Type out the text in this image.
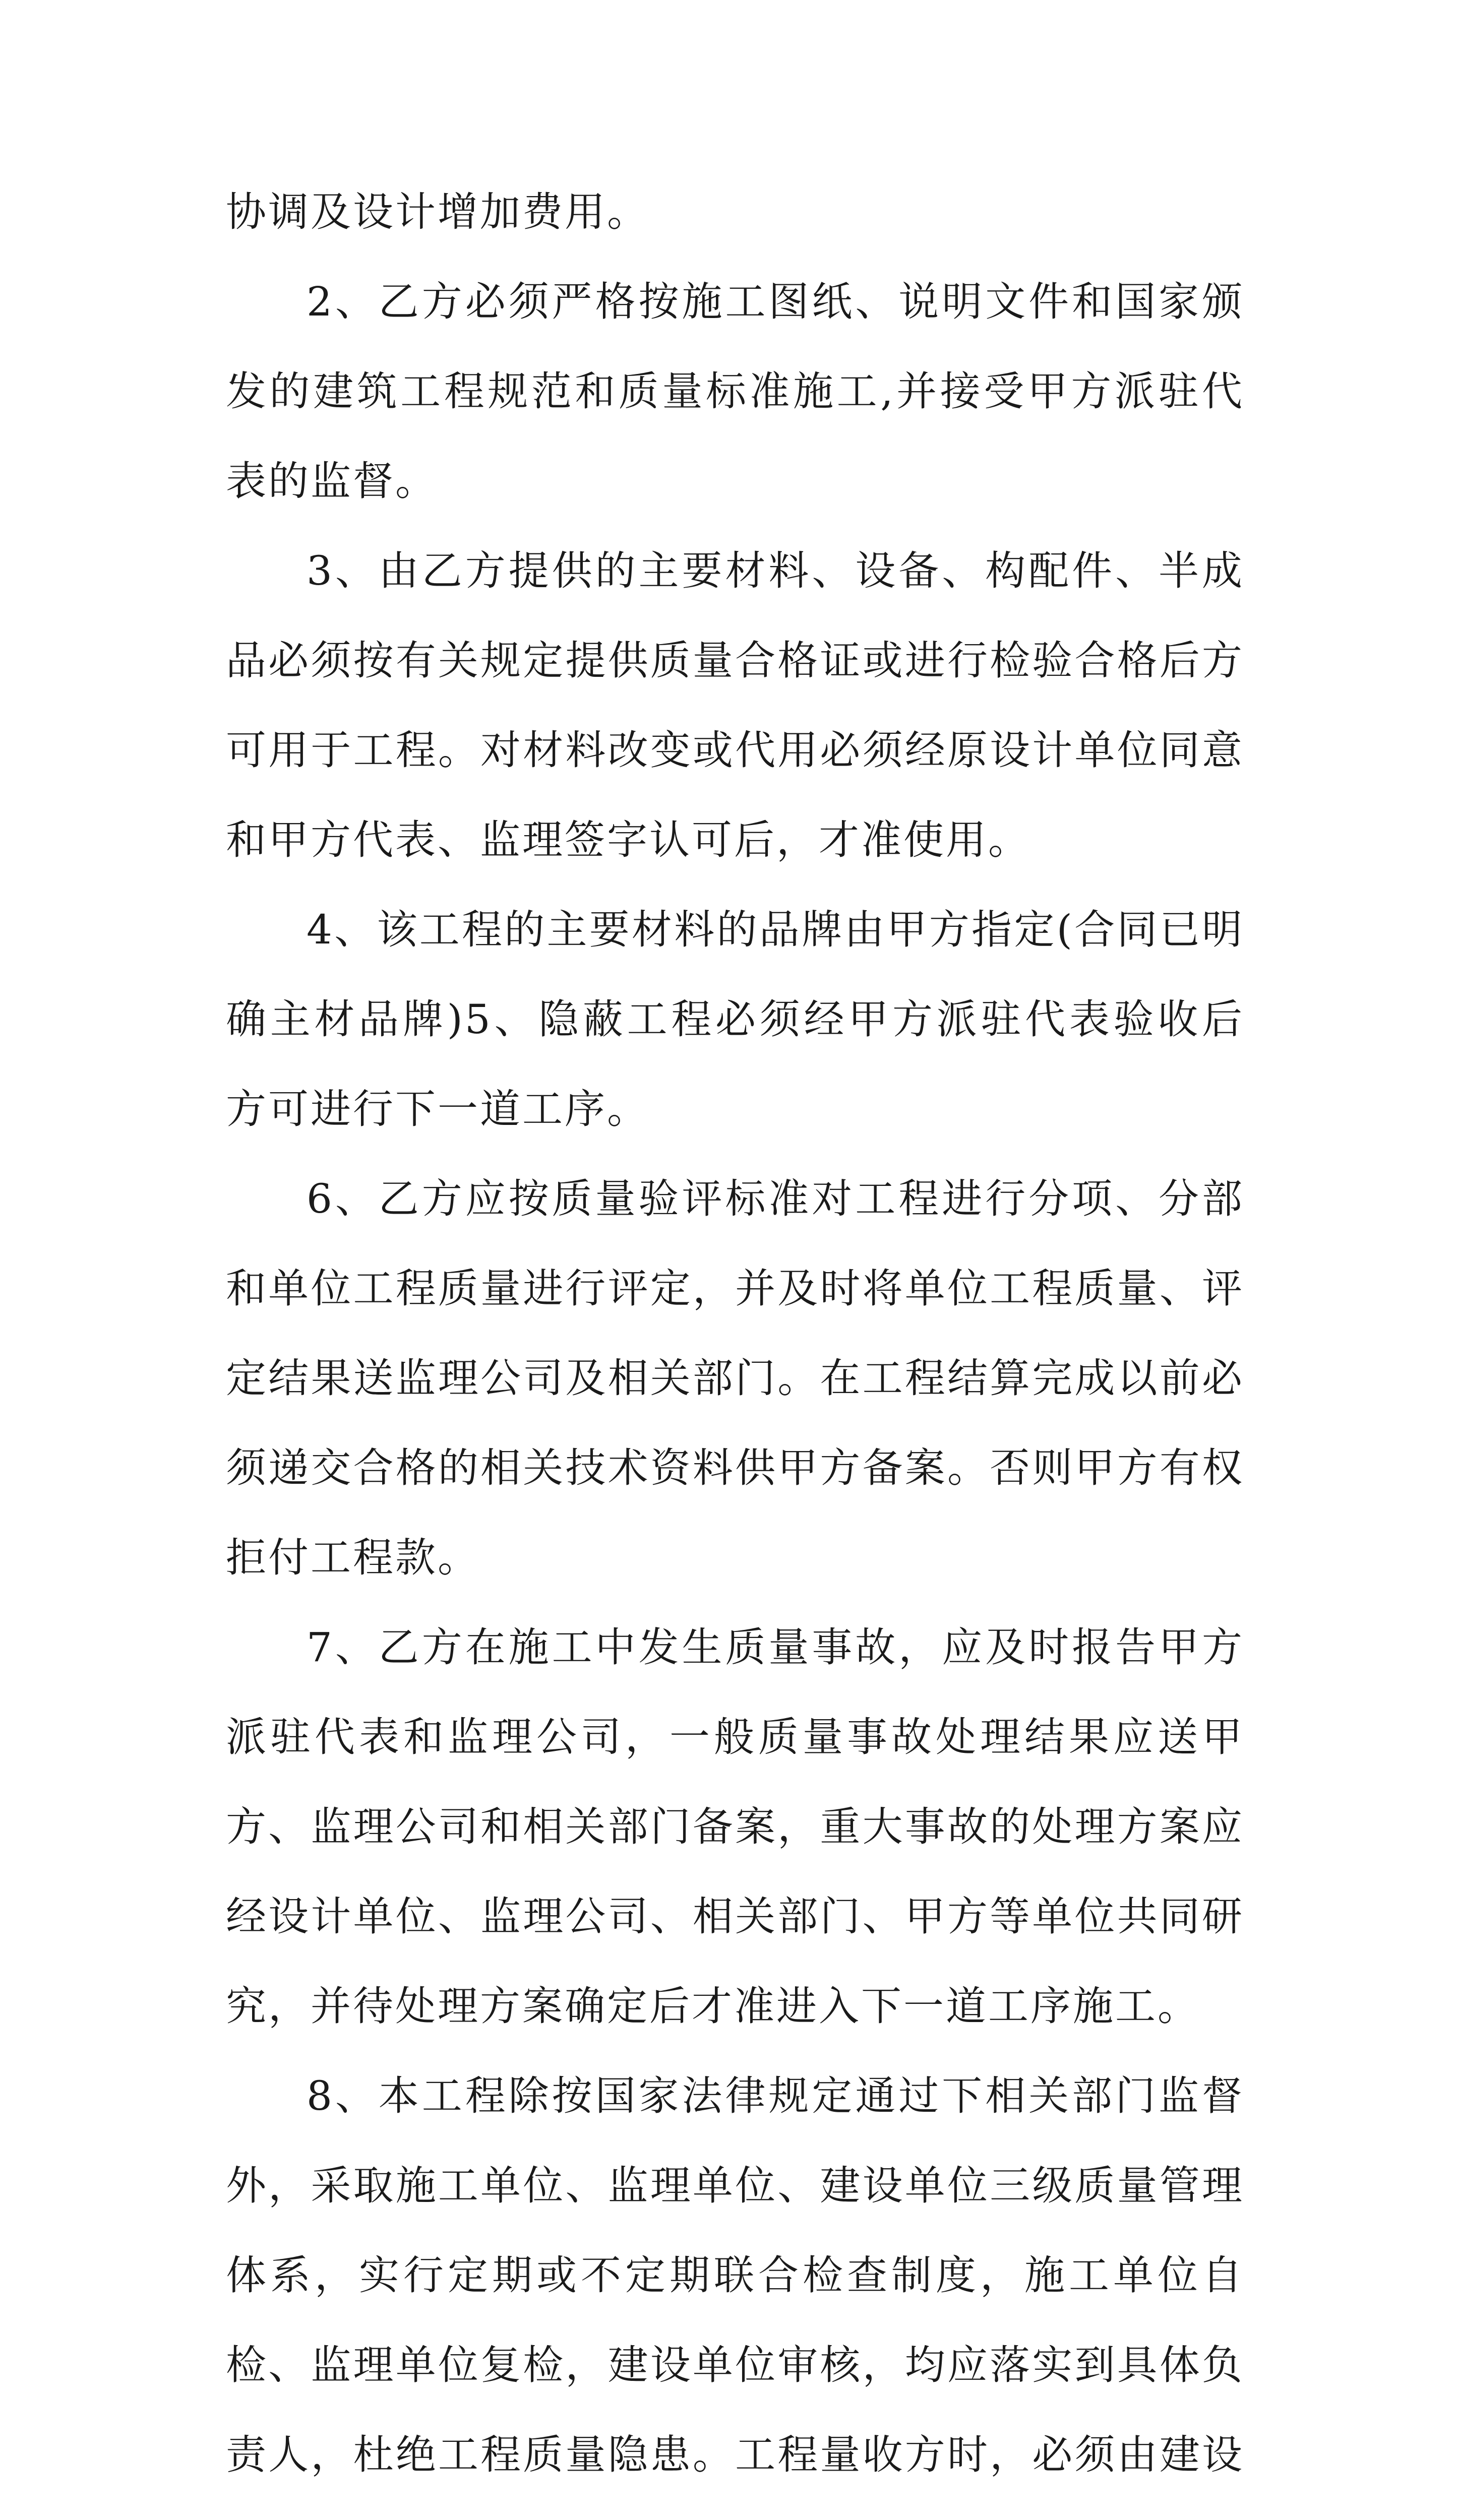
协调及设计增加费用。

2、乙方必须严格按施工图纸、说明文件和国家颁发的建筑工程规范和质量标准施工,并接受甲方派驻代表的监督。

3、由乙方提供的主要材料、设备、构配件、半成品必须按有关规定提供质量合格证或进行检验合格后方可用于工程。对材料改变或代用必须经原设计单位同意和甲方代表、监理签字认可后，才准使用。

4、该工程的主要材料的品牌由甲方指定(合同已明确主材品牌)5、隐蔽工程必须经甲方派驻代表验收后方可进行下一道工序。

6、乙方应按质量验评标准对工程进行分项、分部和单位工程质量进行评定，并及时将单位工程质量、评定结果送监理公司及相关部门。在工程结算完成以前必须递交合格的相关技术资料供甲方备案。否则甲方有权拒付工程款。

7、乙方在施工中发生质量事故，应及时报告甲方派驻代表和监理公司，一般质量事故处理结果应送甲方、监理公司和相关部门备案，重大事故的处理方案应经设计单位、监理公司、相关部门、甲方等单位共同研究，并待处理方案确定后才准进入下一道工序施工。

8、本工程除按国家法律规定通过下相关部门监督外，采取施工单位、监理单位、建设单位三级质量管理体系，实行定期或不定期联合检查制度，施工单位自检、监理单位复检，建设单位审核，均应落实到具体负责人，杜绝工程质量隐患。工程量收方时，必须由建设
